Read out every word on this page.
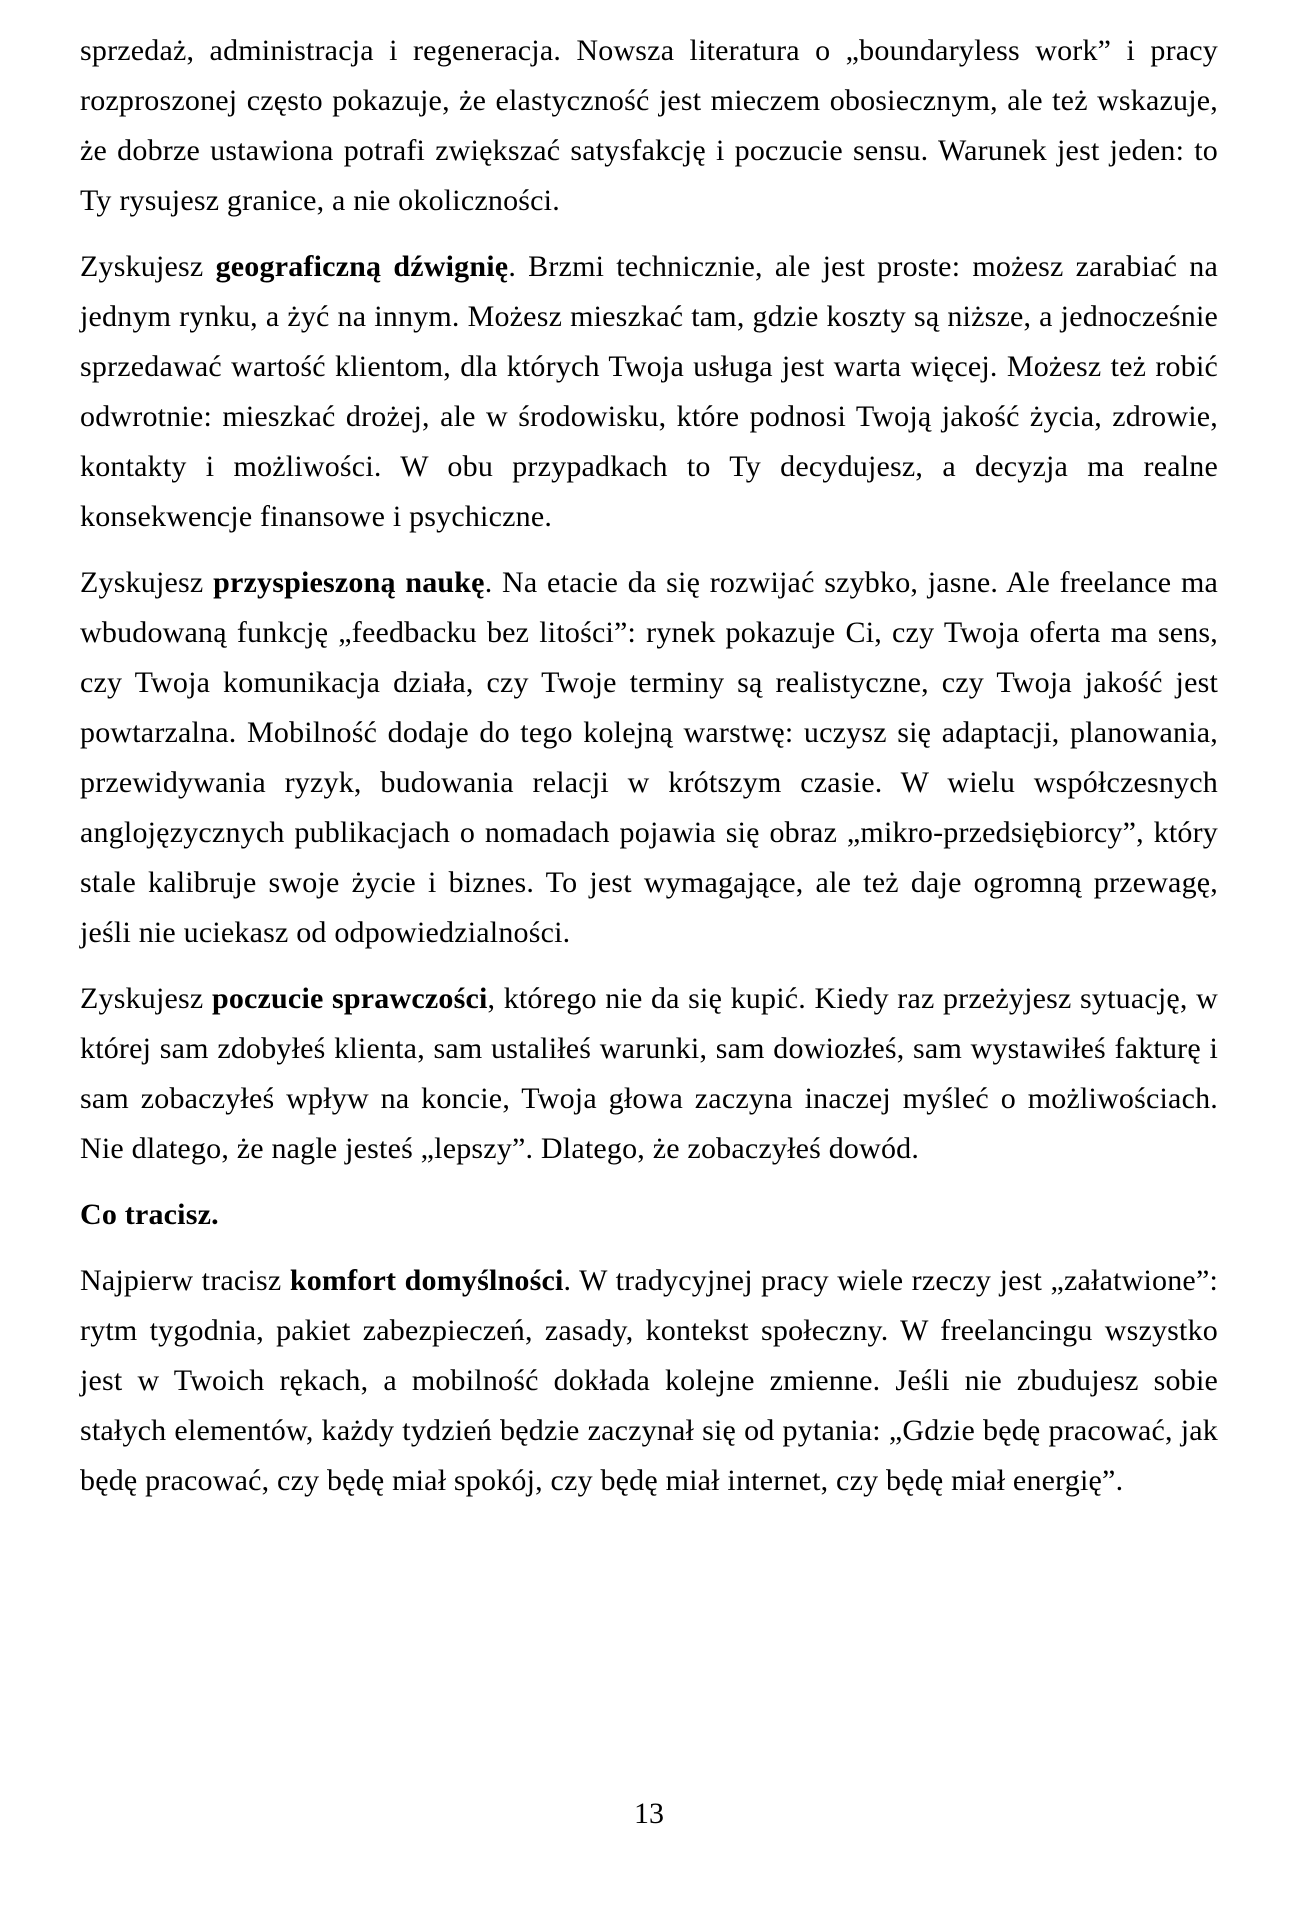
sprzedaż, administracja i regeneracja. Nowsza literatura o „boundaryless work” i pracy rozproszonej często pokazuje, że elastyczność jest mieczem obosiecznym, ale też wskazuje, że dobrze ustawiona potrafi zwiększać satysfakcję i poczucie sensu. Warunek jest jeden: to Ty rysujesz granice, a nie okoliczności.

Zyskujesz geograficzną dźwignię. Brzmi technicznie, ale jest proste: możesz zarabiać na jednym rynku, a żyć na innym. Możesz mieszkać tam, gdzie koszty są niższe, a jednocześnie sprzedawać wartość klientom, dla których Twoja usługa jest warta więcej. Możesz też robić odwrotnie: mieszkać drożej, ale w środowisku, które podnosi Twoją jakość życia, zdrowie, kontakty i możliwości. W obu przypadkach to Ty decydujesz, a decyzja ma realne konsekwencje finansowe i psychiczne.

Zyskujesz przyspieszoną naukę. Na etacie da się rozwijać szybko, jasne. Ale freelance ma wbudowaną funkcję „feedbacku bez litości”: rynek pokazuje Ci, czy Twoja oferta ma sens, czy Twoja komunikacja działa, czy Twoje terminy są realistyczne, czy Twoja jakość jest powtarzalna. Mobilność dodaje do tego kolejną warstwę: uczysz się adaptacji, planowania, przewidywania ryzyk, budowania relacji w krótszym czasie. W wielu współczesnych anglojęzycznych publikacjach o nomadach pojawia się obraz „mikro-przedsiębiorcy”, który stale kalibruje swoje życie i biznes. To jest wymagające, ale też daje ogromną przewagę, jeśli nie uciekasz od odpowiedzialności.

Zyskujesz poczucie sprawczości, którego nie da się kupić. Kiedy raz przeżyjesz sytuację, w której sam zdobyłeś klienta, sam ustaliłeś warunki, sam dowiozłeś, sam wystawiłeś fakturę i sam zobaczyłeś wpływ na koncie, Twoja głowa zaczyna inaczej myśleć o możliwościach. Nie dlatego, że nagle jesteś „lepszy”. Dlatego, że zobaczyłeś dowód.

Co tracisz.

Najpierw tracisz komfort domyślności. W tradycyjnej pracy wiele rzeczy jest „załatwione”: rytm tygodnia, pakiet zabezpieczeń, zasady, kontekst społeczny. W freelancingu wszystko jest w Twoich rękach, a mobilność dokłada kolejne zmienne. Jeśli nie zbudujesz sobie stałych elementów, każdy tydzień będzie zaczynał się od pytania: „Gdzie będę pracować, jak będę pracować, czy będę miał spokój, czy będę miał internet, czy będę miał energię”.

13
